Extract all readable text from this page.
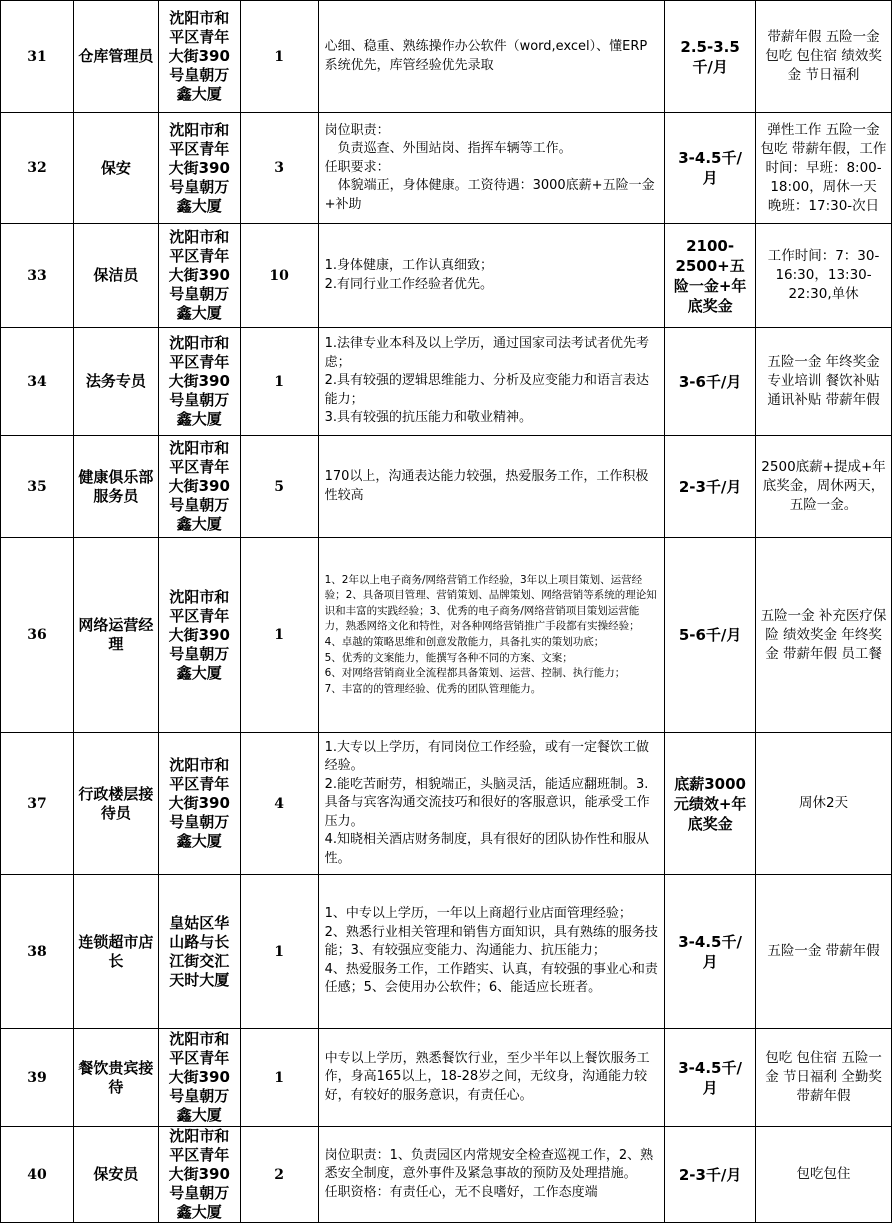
31	仓库管理员	沈阳市和平区青年大街390号皇朝万鑫大厦	1	心细、稳重、熟练操作办公软件（word,excel）、懂ERP系统优先，库管经验优先录取	2.5-3.5千/月	带薪年假 五险一金 包吃 包住宿 绩效奖金 节日福利

32	保安	沈阳市和平区青年大街390号皇朝万鑫大厦	3	岗位职责：
　负责巡查、外围站岗、指挥车辆等工作。
任职要求：
　体貌端正，身体健康。工资待遇：3000底薪+五险一金+补助	3-4.5千/月	弹性工作 五险一金 包吃 带薪年假，工作时间：早班：8:00-18:00，周休一天
晚班：17:30-次日

33	保洁员	沈阳市和平区青年大街390号皇朝万鑫大厦	10	1.身体健康，工作认真细致；
2.有同行业工作经验者优先。	2100-2500+五险一金+年底奖金	工作时间：7：30-16:30，13:30-22:30,单休

34	法务专员	沈阳市和平区青年大街390号皇朝万鑫大厦	1	1.法律专业本科及以上学历，通过国家司法考试者优先考虑；
2.具有较强的逻辑思维能力、分析及应变能力和语言表达能力；
3.具有较强的抗压能力和敬业精神。	3-6千/月	五险一金 年终奖金 专业培训 餐饮补贴 通讯补贴 带薪年假

35	健康俱乐部服务员	沈阳市和平区青年大街390号皇朝万鑫大厦	5	170以上，沟通表达能力较强，热爱服务工作，工作积极性较高	2-3千/月	2500底薪+提成+年底奖金，周休两天，五险一金。

36	网络运营经理	沈阳市和平区青年大街390号皇朝万鑫大厦	1	1、2年以上电子商务/网络营销工作经验，3年以上项目策划、运营经验；2、具备项目管理、营销策划、品牌策划、网络营销等系统的理论知识和丰富的实践经验；3、优秀的电子商务/网络营销项目策划运营能力，熟悉网络文化和特性，对各种网络营销推广手段都有实操经验；
4、卓越的策略思维和创意发散能力，具备扎实的策划功底；
5、优秀的文案能力，能撰写各种不同的方案、文案；
6、对网络营销商业全流程都具备策划、运营、控制、执行能力；
7、丰富的的管理经验、优秀的团队管理能力。	5-6千/月	五险一金 补充医疗保险 绩效奖金 年终奖金 带薪年假 员工餐

37	行政楼层接待员	沈阳市和平区青年大街390号皇朝万鑫大厦	4	1.大专以上学历，有同岗位工作经验，或有一定餐饮工做经验。
2.能吃苦耐劳，相貌端正，头脑灵活，能适应翻班制。3.具备与宾客沟通交流技巧和很好的客服意识，能承受工作压力。
4.知晓相关酒店财务制度，具有很好的团队协作性和服从性。	底薪3000元绩效+年底奖金	周休2天

38	连锁超市店长	皇姑区华山路与长江街交汇天时大厦	1	1、中专以上学历，一年以上商超行业店面管理经验；
2、熟悉行业相关管理和销售方面知识，具有熟练的服务技能；3、有较强应变能力、沟通能力、抗压能力；
4、热爱服务工作，工作踏实、认真，有较强的事业心和责任感；5、会使用办公软件；6、能适应长班者。	3-4.5千/月	五险一金 带薪年假

39	餐饮贵宾接待	沈阳市和平区青年大街390号皇朝万鑫大厦	1	中专以上学历，熟悉餐饮行业，至少半年以上餐饮服务工作，身高165以上，18-28岁之间，无纹身，沟通能力较好，有较好的服务意识，有责任心。	3-4.5千/月	包吃 包住宿 五险一金 节日福利 全勤奖 带薪年假

40	保安员	沈阳市和平区青年大街390号皇朝万鑫大厦	2	岗位职责：1、负责园区内常规安全检查巡视工作，2、熟悉安全制度，意外事件及紧急事故的预防及处理措施。
任职资格：有责任心，无不良嗜好，工作态度端	2-3千/月	包吃包住
